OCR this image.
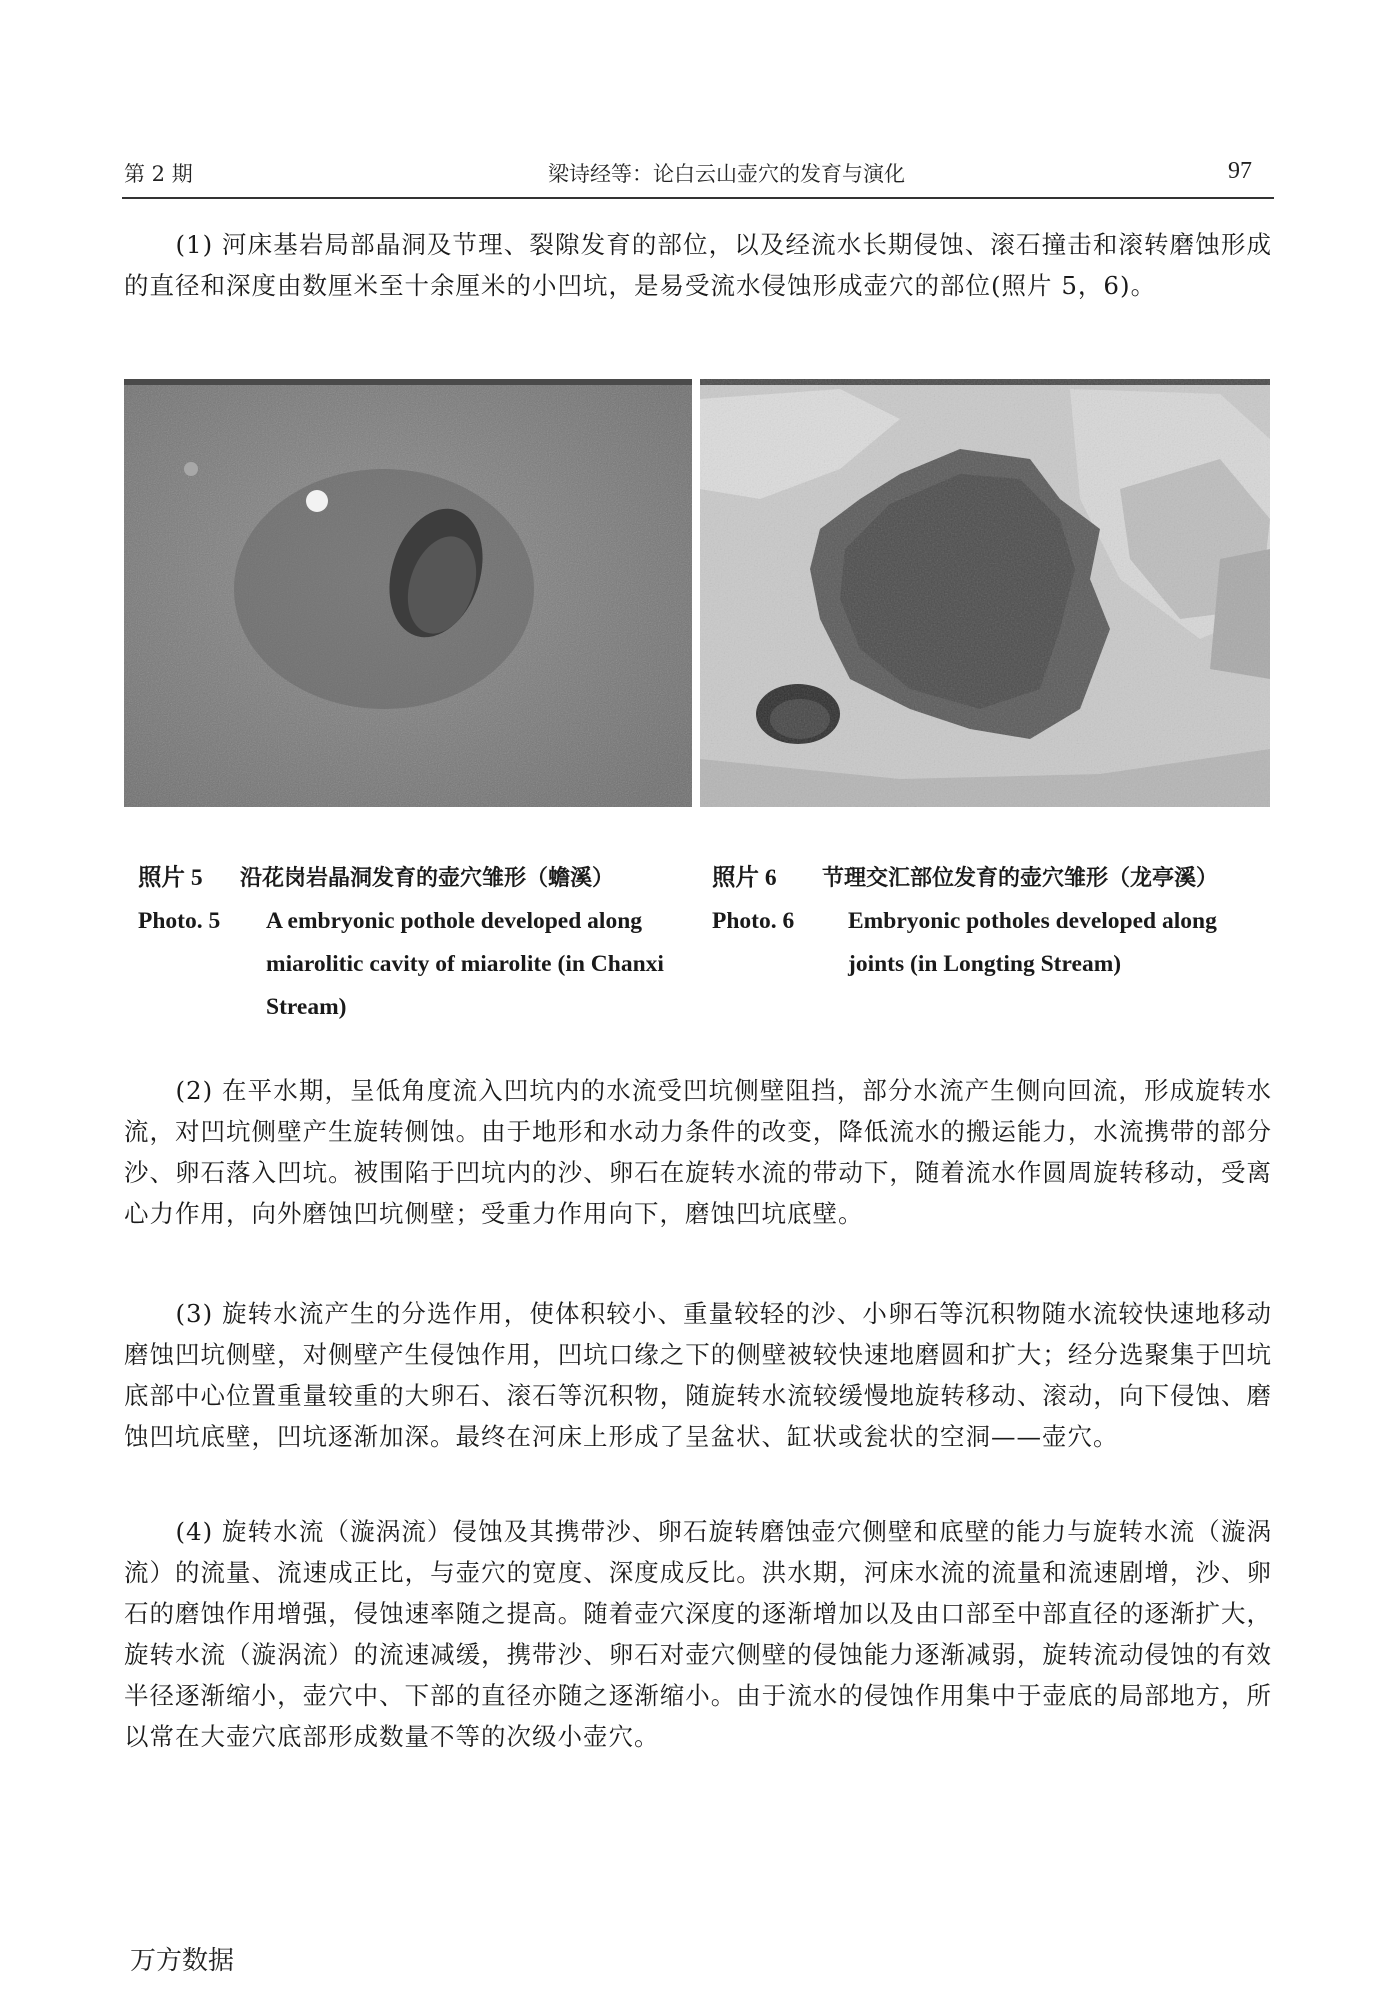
第 2 期	梁诗经等：论白云山壶穴的发育与演化	97

(1) 河床基岩局部晶洞及节理、裂隙发育的部位，以及经流水长期侵蚀、滚石撞击和滚转磨蚀形成的直径和深度由数厘米至十余厘米的小凹坑，是易受流水侵蚀形成壶穴的部位(照片 5，6)。

照片 5	沿花岗岩晶洞发育的壶穴雏形（蟾溪）
Photo. 5	A embryonic pothole developed along miarolitic cavity of miarolite (in Chanxi Stream)
照片 6	节理交汇部位发育的壶穴雏形（龙亭溪）
Photo. 6	Embryonic potholes developed along joints (in Longting Stream)

(2) 在平水期，呈低角度流入凹坑内的水流受凹坑侧壁阻挡，部分水流产生侧向回流，形成旋转水流，对凹坑侧壁产生旋转侧蚀。由于地形和水动力条件的改变，降低流水的搬运能力，水流携带的部分沙、卵石落入凹坑。被围陷于凹坑内的沙、卵石在旋转水流的带动下，随着流水作圆周旋转移动，受离心力作用，向外磨蚀凹坑侧壁；受重力作用向下，磨蚀凹坑底壁。

(3) 旋转水流产生的分选作用，使体积较小、重量较轻的沙、小卵石等沉积物随水流较快速地移动磨蚀凹坑侧壁，对侧壁产生侵蚀作用，凹坑口缘之下的侧壁被较快速地磨圆和扩大；经分选聚集于凹坑底部中心位置重量较重的大卵石、滚石等沉积物，随旋转水流较缓慢地旋转移动、滚动，向下侵蚀、磨蚀凹坑底壁，凹坑逐渐加深。最终在河床上形成了呈盆状、缸状或瓮状的空洞——壶穴。

(4) 旋转水流（漩涡流）侵蚀及其携带沙、卵石旋转磨蚀壶穴侧壁和底壁的能力与旋转水流（漩涡流）的流量、流速成正比，与壶穴的宽度、深度成反比。洪水期，河床水流的流量和流速剧增，沙、卵石的磨蚀作用增强，侵蚀速率随之提高。随着壶穴深度的逐渐增加以及由口部至中部直径的逐渐扩大，旋转水流（漩涡流）的流速减缓，携带沙、卵石对壶穴侧壁的侵蚀能力逐渐减弱，旋转流动侵蚀的有效半径逐渐缩小，壶穴中、下部的直径亦随之逐渐缩小。由于流水的侵蚀作用集中于壶底的局部地方，所以常在大壶穴底部形成数量不等的次级小壶穴。

万方数据
